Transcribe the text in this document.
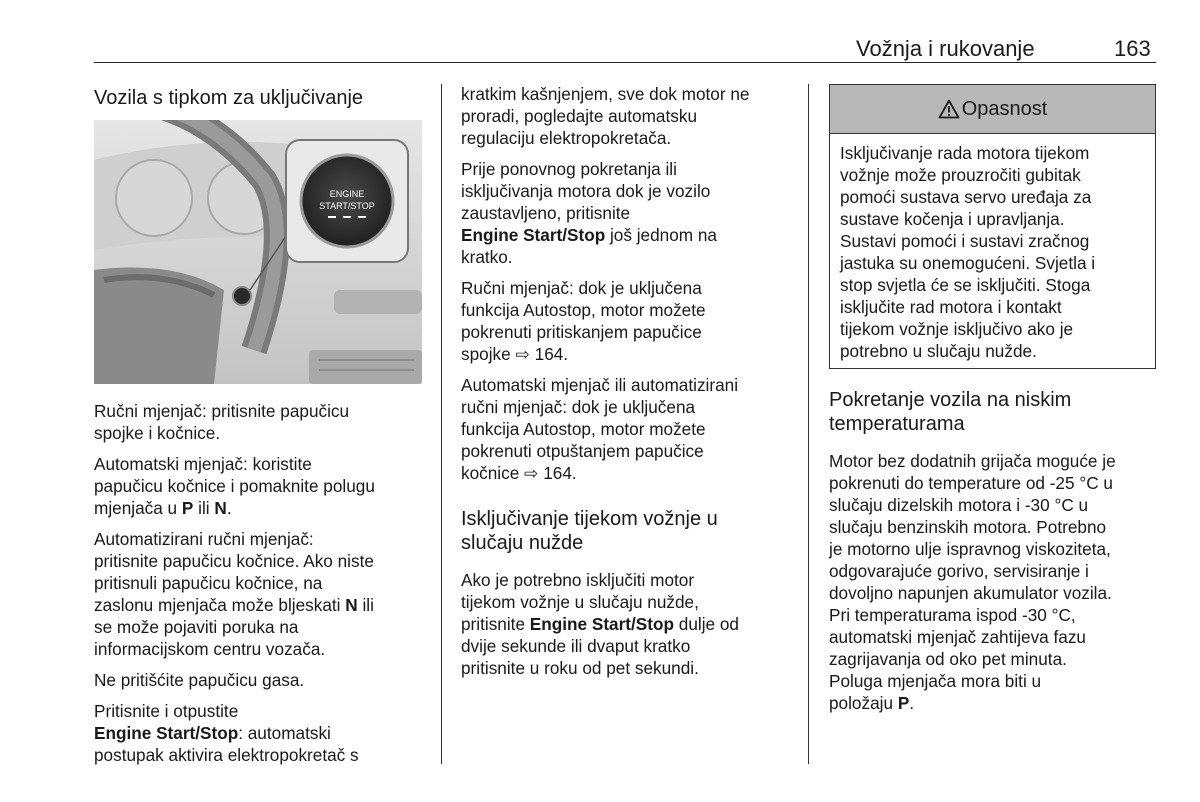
Vožnja i rukovanje	163
Vozila s tipkom za uključivanje
ENGINE
START/STOP

Ručni mjenjač: pritisnite papučicu
spojke i kočnice.

Automatski mjenjač: koristite
papučicu kočnice i pomaknite polugu
mjenjača u P ili N.

Automatizirani ručni mjenjač:
pritisnite papučicu kočnice. Ako niste
pritisnuli papučicu kočnice, na
zaslonu mjenjača može bljeskati N ili
se može pojaviti poruka na
informacijskom centru vozača.

Ne pritišćite papučicu gasa.

Pritisnite i otpustite
Engine Start/Stop: automatski
postupak aktivira elektropokretač s

kratkim kašnjenjem, sve dok motor ne
proradi, pogledajte automatsku
regulaciju elektropokretača.

Prije ponovnog pokretanja ili
isključivanja motora dok je vozilo
zaustavljeno, pritisnite
Engine Start/Stop još jednom na
kratko.

Ručni mjenjač: dok je uključena
funkcija Autostop, motor možete
pokrenuti pritiskanjem papučice
spojke ⇨ 164.

Automatski mjenjač ili automatizirani
ručni mjenjač: dok je uključena
funkcija Autostop, motor možete
pokrenuti otpuštanjem papučice
kočnice ⇨ 164.

Isključivanje tijekom vožnje u
slučaju nužde

Ako je potrebno isključiti motor
tijekom vožnje u slučaju nužde,
pritisnite Engine Start/Stop dulje od
dvije sekunde ili dvaput kratko
pritisnite u roku od pet sekundi.

Opasnost
Isključivanje rada motora tijekom
vožnje može prouzročiti gubitak
pomoći sustava servo uređaja za
sustave kočenja i upravljanja.
Sustavi pomoći i sustavi zračnog
jastuka su onemogućeni. Svjetla i
stop svjetla će se isključiti. Stoga
isključite rad motora i kontakt
tijekom vožnje isključivo ako je
potrebno u slučaju nužde.
Pokretanje vozila na niskim
temperaturama

Motor bez dodatnih grijača moguće je
pokrenuti do temperature od -25 °C u
slučaju dizelskih motora i -30 °C u
slučaju benzinskih motora. Potrebno
je motorno ulje ispravnog viskoziteta,
odgovarajuće gorivo, servisiranje i
dovoljno napunjen akumulator vozila.
Pri temperaturama ispod -30 °C,
automatski mjenjač zahtijeva fazu
zagrijavanja od oko pet minuta.
Poluga mjenjača mora biti u
položaju P.
